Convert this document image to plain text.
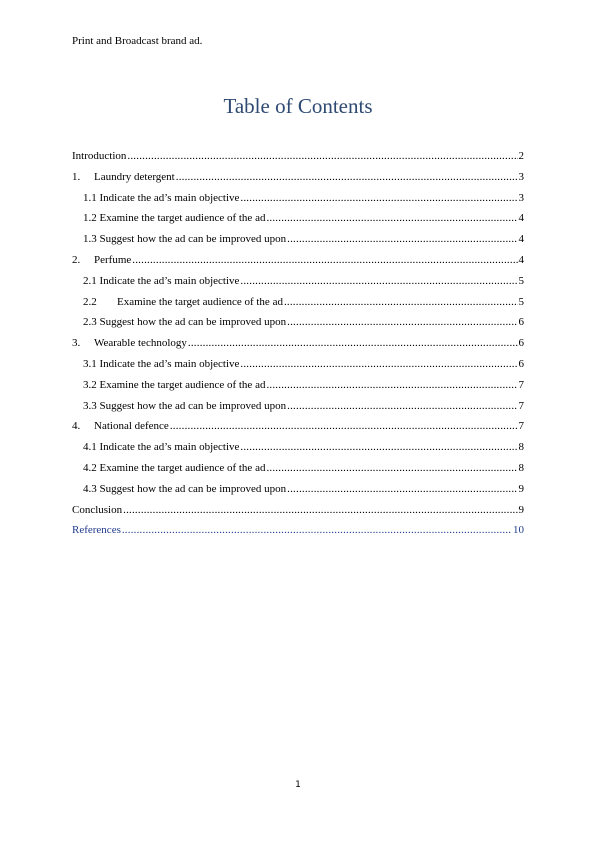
Print and Broadcast brand ad.
Table of Contents
Introduction .....	2
1.	Laundry detergent .....	3
1.1 Indicate the ad’s main objective .....	3
1.2 Examine the target audience of the ad .....	4
1.3 Suggest how the ad can be improved upon .....	4
2.	Perfume .....	4
2.1 Indicate the ad’s main objective .....	5
2.2	Examine the target audience of the ad .....	5
2.3 Suggest how the ad can be improved upon .....	6
3.	Wearable technology .....	6
3.1 Indicate the ad’s main objective .....	6
3.2 Examine the target audience of the ad .....	7
3.3 Suggest how the ad can be improved upon .....	7
4.	National defence .....	7
4.1 Indicate the ad’s main objective .....	8
4.2 Examine the target audience of the ad .....	8
4.3 Suggest how the ad can be improved upon .....	9
Conclusion .....	9
References .....	10
1
